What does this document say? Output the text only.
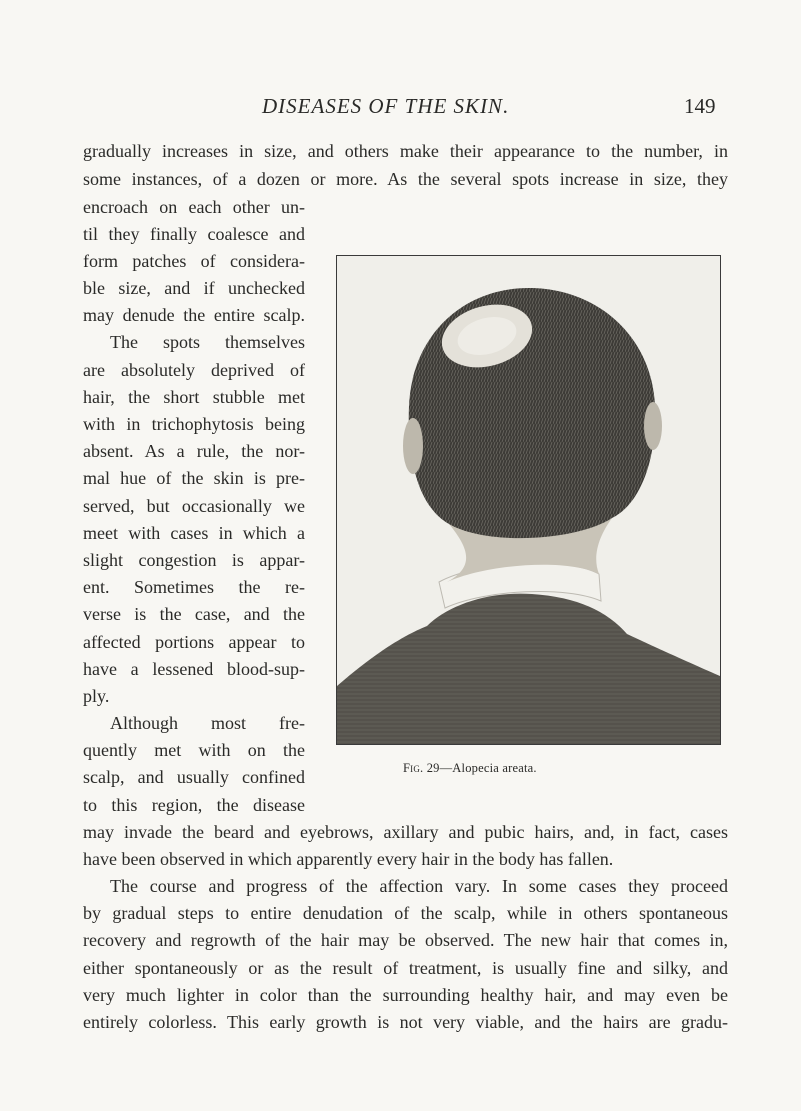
DISEASES OF THE SKIN.	149
gradually increases in size, and others make their appearance to the number, in
some instances, of a dozen or more. As the several spots increase in size, they
encroach on each other un-
til they finally coalesce and
form patches of considera-
ble size, and if unchecked
may denude the entire scalp.
The spots themselves
are absolutely deprived of
hair, the short stubble met
with in trichophytosis being
absent. As a rule, the nor-
mal hue of the skin is pre-
served, but occasionally we
meet with cases in which a
slight congestion is appar-
ent. Sometimes the re-
verse is the case, and the
affected portions appear to
have a lessened blood-sup-
ply.
Although most fre-
quently met with on the
scalp, and usually confined
to this region, the disease
may invade the beard and eyebrows, axillary and pubic hairs, and, in fact, cases
have been observed in which apparently every hair in the body has fallen.
The course and progress of the affection vary. In some cases they proceed
by gradual steps to entire denudation of the scalp, while in others spontaneous
recovery and regrowth of the hair may be observed. The new hair that comes in,
either spontaneously or as the result of treatment, is usually fine and silky, and
very much lighter in color than the surrounding healthy hair, and may even be
entirely colorless. This early growth is not very viable, and the hairs are gradu-
Fig. 29—Alopecia areata.
